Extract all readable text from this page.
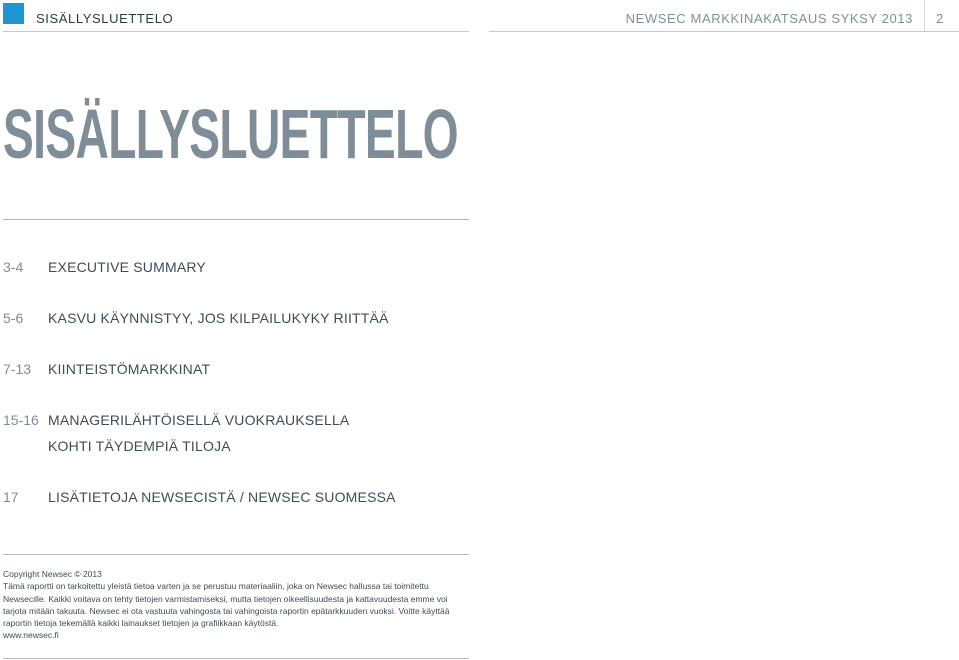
SISÄLLYSLUETTELO	NEWSEC MARKKINAKATSAUS SYKSY 2013 2
SISÄLLYSLUETTELO
3-4 EXECUTIVE SUMMARY
5-6 KASVU KÄYNNISTYY, JOS KILPAILUKYKY RIITTÄÄ
7-13 KIINTEISTÖMARKKINAT
15-16 MANAGERILÄHTÖISELLÄ VUOKRAUKSELLA
KOHTI TÄYDEMPIÄ TILOJA
17 LISÄTIETOJA NEWSECISTÄ / NEWSEC SUOMESSA

Copyright Newsec © 2013

Tämä raportti on tarkoitettu yleistä tietoa varten ja se perustuu materiaaliin, joka on Newsec hallussa tai toimitettu

Newsecille. Kaikki voitava on tehty tietojen varmistamiseksi, mutta tietojen oikeellisuudesta ja kattavuudesta emme voi

tarjota mitään takuuta. Newsec ei ota vastuuta vahingosta tai vahingoista raportin epätarkkuuden vuoksi. Voitte käyttää

raportin tietoja tekemällä kaikki lainaukset tietojen ja grafiikkaan käytöstä.

www.newsec.fi
